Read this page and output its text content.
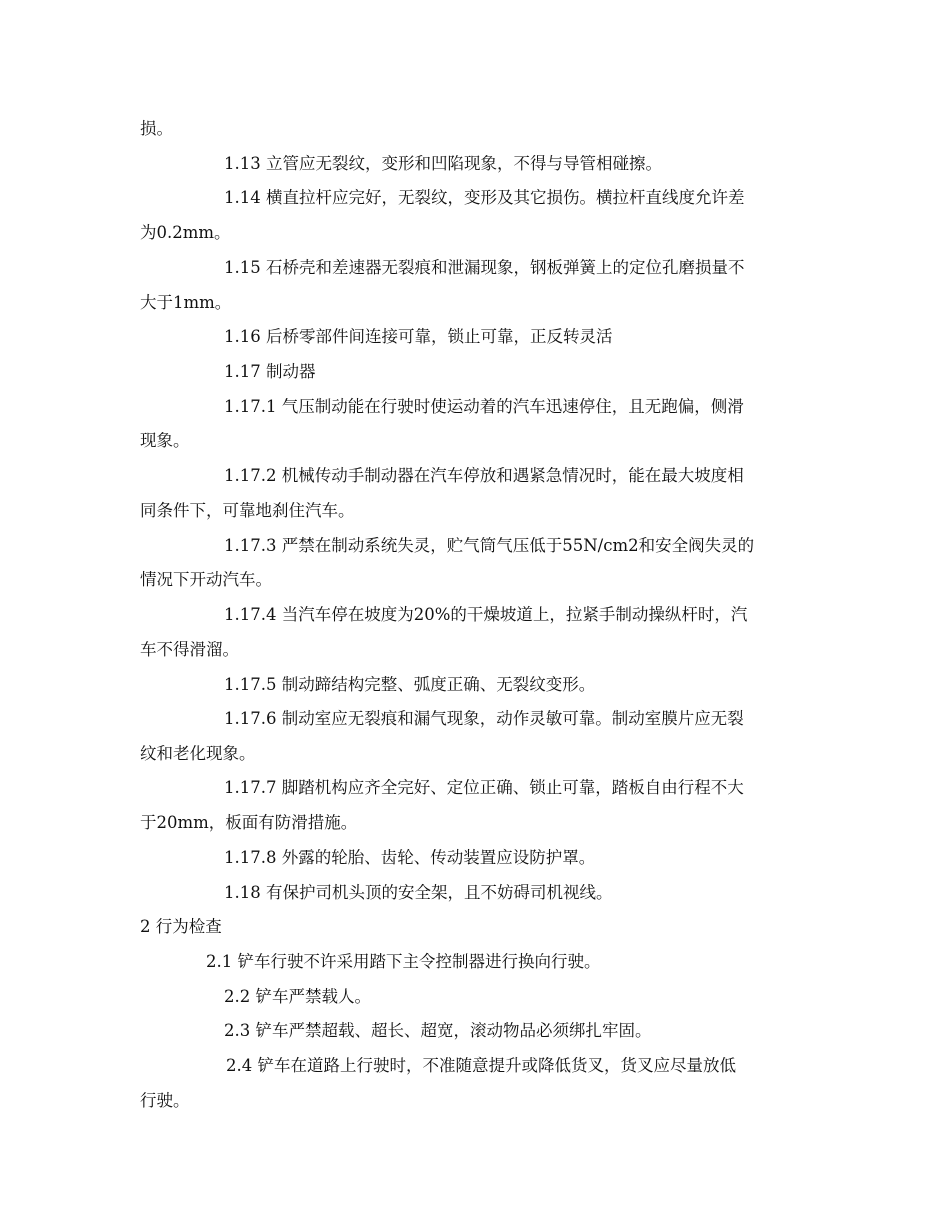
损。
1.13 立管应无裂纹，变形和凹陷现象，不得与导管相碰擦。
1.14 横直拉杆应完好，无裂纹，变形及其它损伤。横拉杆直线度允许差
为0.2mm。
1.15 石桥壳和差速器无裂痕和泄漏现象，钢板弹簧上的定位孔磨损量不
大于1mm。
1.16 后桥零部件间连接可靠，锁止可靠，正反转灵活
1.17 制动器
1.17.1 气压制动能在行驶时使运动着的汽车迅速停住，且无跑偏，侧滑
现象。
1.17.2 机械传动手制动器在汽车停放和遇紧急情况时，能在最大坡度相
同条件下，可靠地刹住汽车。
1.17.3 严禁在制动系统失灵，贮气筒气压低于55N/cm2和安全阀失灵的
情况下开动汽车。
1.17.4 当汽车停在坡度为20%的干燥坡道上，拉紧手制动操纵杆时，汽
车不得滑溜。
1.17.5 制动蹄结构完整、弧度正确、无裂纹变形。
1.17.6 制动室应无裂痕和漏气现象，动作灵敏可靠。制动室膜片应无裂
纹和老化现象。
1.17.7 脚踏机构应齐全完好、定位正确、锁止可靠，踏板自由行程不大
于20mm，板面有防滑措施。
1.17.8 外露的轮胎、齿轮、传动装置应设防护罩。
1.18 有保护司机头顶的安全架，且不妨碍司机视线。
2 行为检查
2.1 铲车行驶不许采用踏下主令控制器进行换向行驶。
2.2 铲车严禁载人。
2.3 铲车严禁超载、超长、超宽，滚动物品必须绑扎牢固。
2.4 铲车在道路上行驶时，不准随意提升或降低货叉，货叉应尽量放低
行驶。
